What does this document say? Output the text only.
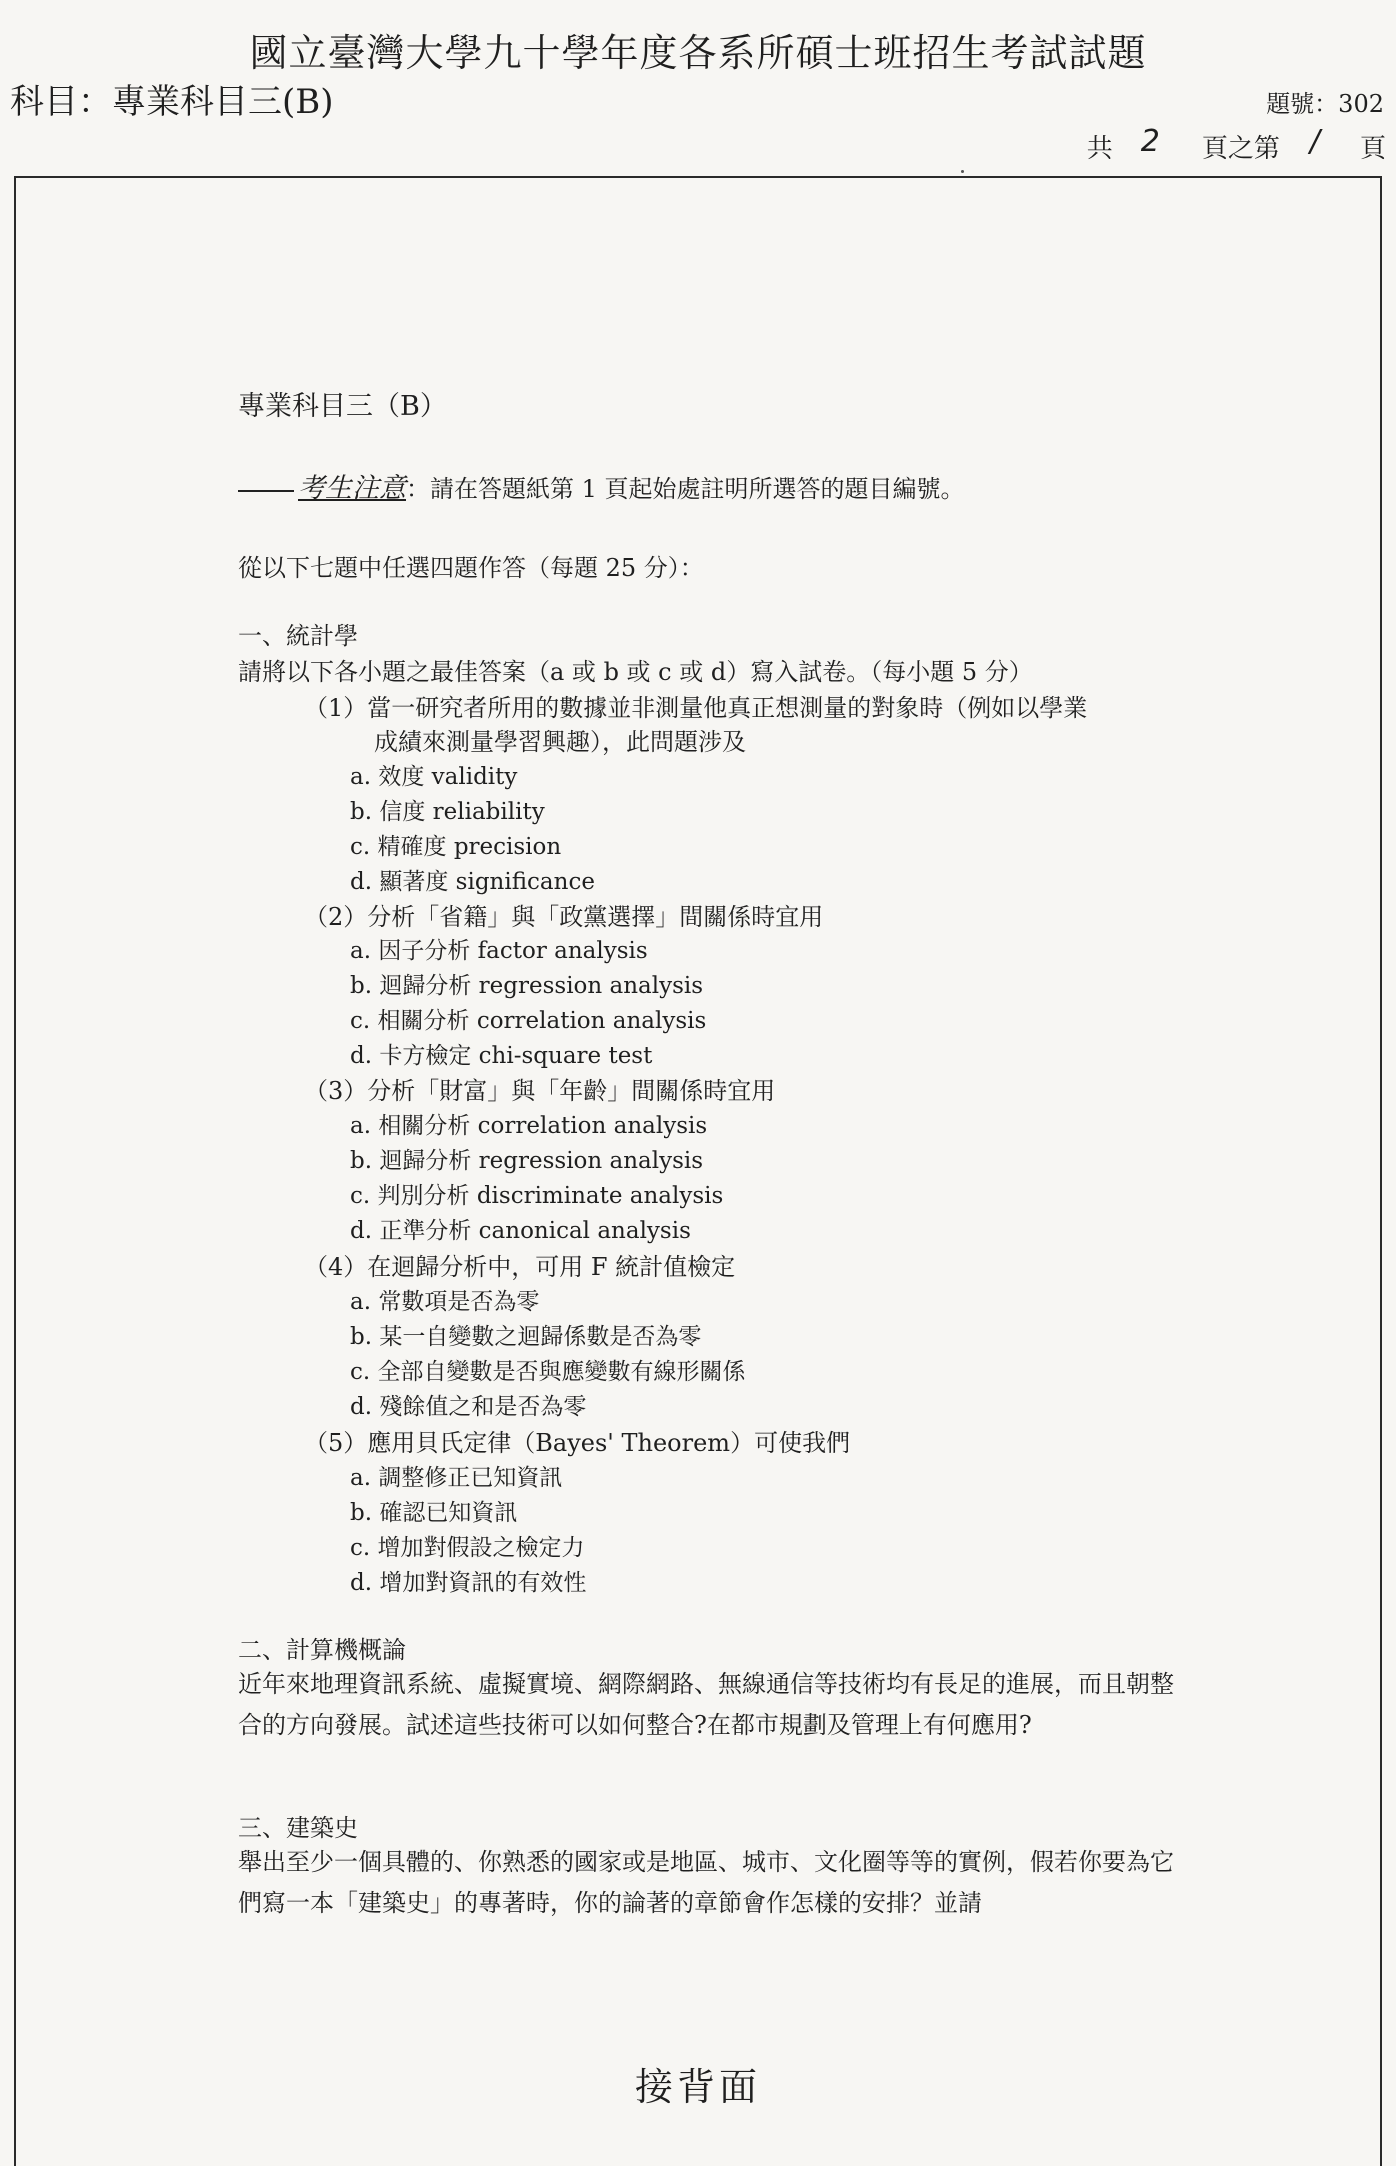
國立臺灣大學九十學年度各系所碩士班招生考試試題
科目：專業科目三(B)	題號：302
共 2 頁之第 / 頁
專業科目三（B）
考生注意：請在答題紙第 1 頁起始處註明所選答的題目編號。
從以下七題中任選四題作答（每題 25 分）：
一、統計學
請將以下各小題之最佳答案（a 或 b 或 c 或 d）寫入試卷。（每小題 5 分）
（1）當一研究者所用的數據並非測量他真正想測量的對象時（例如以學業
成績來測量學習興趣），此問題涉及
a. 效度 validity
b. 信度 reliability
c. 精確度 precision
d. 顯著度 significance
（2）分析「省籍」與「政黨選擇」間關係時宜用
a. 因子分析 factor analysis
b. 迴歸分析 regression analysis
c. 相關分析 correlation analysis
d. 卡方檢定 chi-square test
（3）分析「財富」與「年齡」間關係時宜用
a. 相關分析 correlation analysis
b. 迴歸分析 regression analysis
c. 判別分析 discriminate analysis
d. 正準分析 canonical analysis
（4）在迴歸分析中，可用 F 統計值檢定
a. 常數項是否為零
b. 某一自變數之迴歸係數是否為零
c. 全部自變數是否與應變數有線形關係
d. 殘餘值之和是否為零
（5）應用貝氏定律（Bayes' Theorem）可使我們
a. 調整修正已知資訊
b. 確認已知資訊
c. 增加對假設之檢定力
d. 增加對資訊的有效性
二、計算機概論
近年來地理資訊系統、虛擬實境、網際網路、無線通信等技術均有長足的進展，而且朝整合的方向發展。試述這些技術可以如何整合?在都市規劃及管理上有何應用?
三、建築史
舉出至少一個具體的、你熟悉的國家或是地區、城市、文化圈等等的實例，假若你要為它們寫一本「建築史」的專著時，你的論著的章節會作怎樣的安排？並請
接背面
